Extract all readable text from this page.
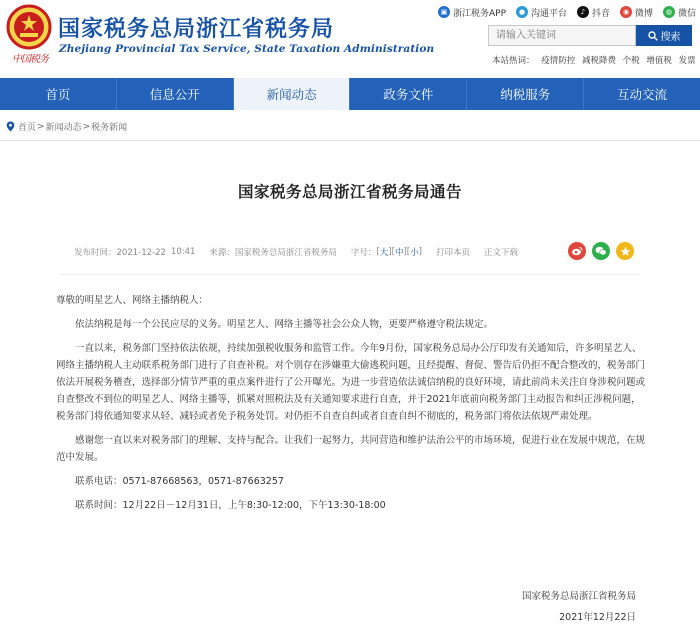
中国税务
国家税务总局浙江省税务局
Zhejiang Provincial Tax Service, State Taxation Administration
▣ 浙江税务APP	● 沟通平台	♪ 抖音	◉ 微博	◍ 微信
请输入关键词
搜索
本站热词： 疫情防控 减税降费 个税 增值税 发票
首页	信息公开	新闻动态	政务文件	纳税服务	互动交流
首页 > 新闻动态 > 税务新闻
国家税务总局浙江省税务局通告
发布时间：2021-12-22 10:41 来源：国家税务总局浙江省税务局 字号： [ 大 ] [ 中 ] [ 小 ] 打印本页 正文下载

尊敬的明星艺人、网络主播纳税人：

依法纳税是每一个公民应尽的义务。明星艺人、网络主播等社会公众人物，更要严格遵守税法规定。

一直以来，税务部门坚持依法依规，持续加强税收服务和监管工作。今年9月份，国家税务总局办公厅印发有关通知后，许多明星艺人、网络主播纳税人主动联系税务部门进行了自查补税。对个别存在涉嫌重大偷逃税问题，且经提醒、督促、警告后仍拒不配合整改的，税务部门依法开展税务稽查，选择部分情节严重的重点案件进行了公开曝光。为进一步营造依法诚信纳税的良好环境，请此前尚未关注自身涉税问题或自查整改不到位的明星艺人、网络主播等，抓紧对照税法及有关通知要求进行自查，并于2021年底前向税务部门主动报告和纠正涉税问题，税务部门将依通知要求从轻、减轻或者免予税务处罚。对仍拒不自查自纠或者自查自纠不彻底的，税务部门将依法依规严肃处理。

感谢您一直以来对税务部门的理解、支持与配合。让我们一起努力，共同营造和维护法治公平的市场环境，促进行业在发展中规范，在规范中发展。

联系电话：0571-87668563，0571-87663257

联系时间：12月22日－12月31日，上午8:30-12:00，下午13:30-18:00

国家税务总局浙江省税务局
2021年12月22日
